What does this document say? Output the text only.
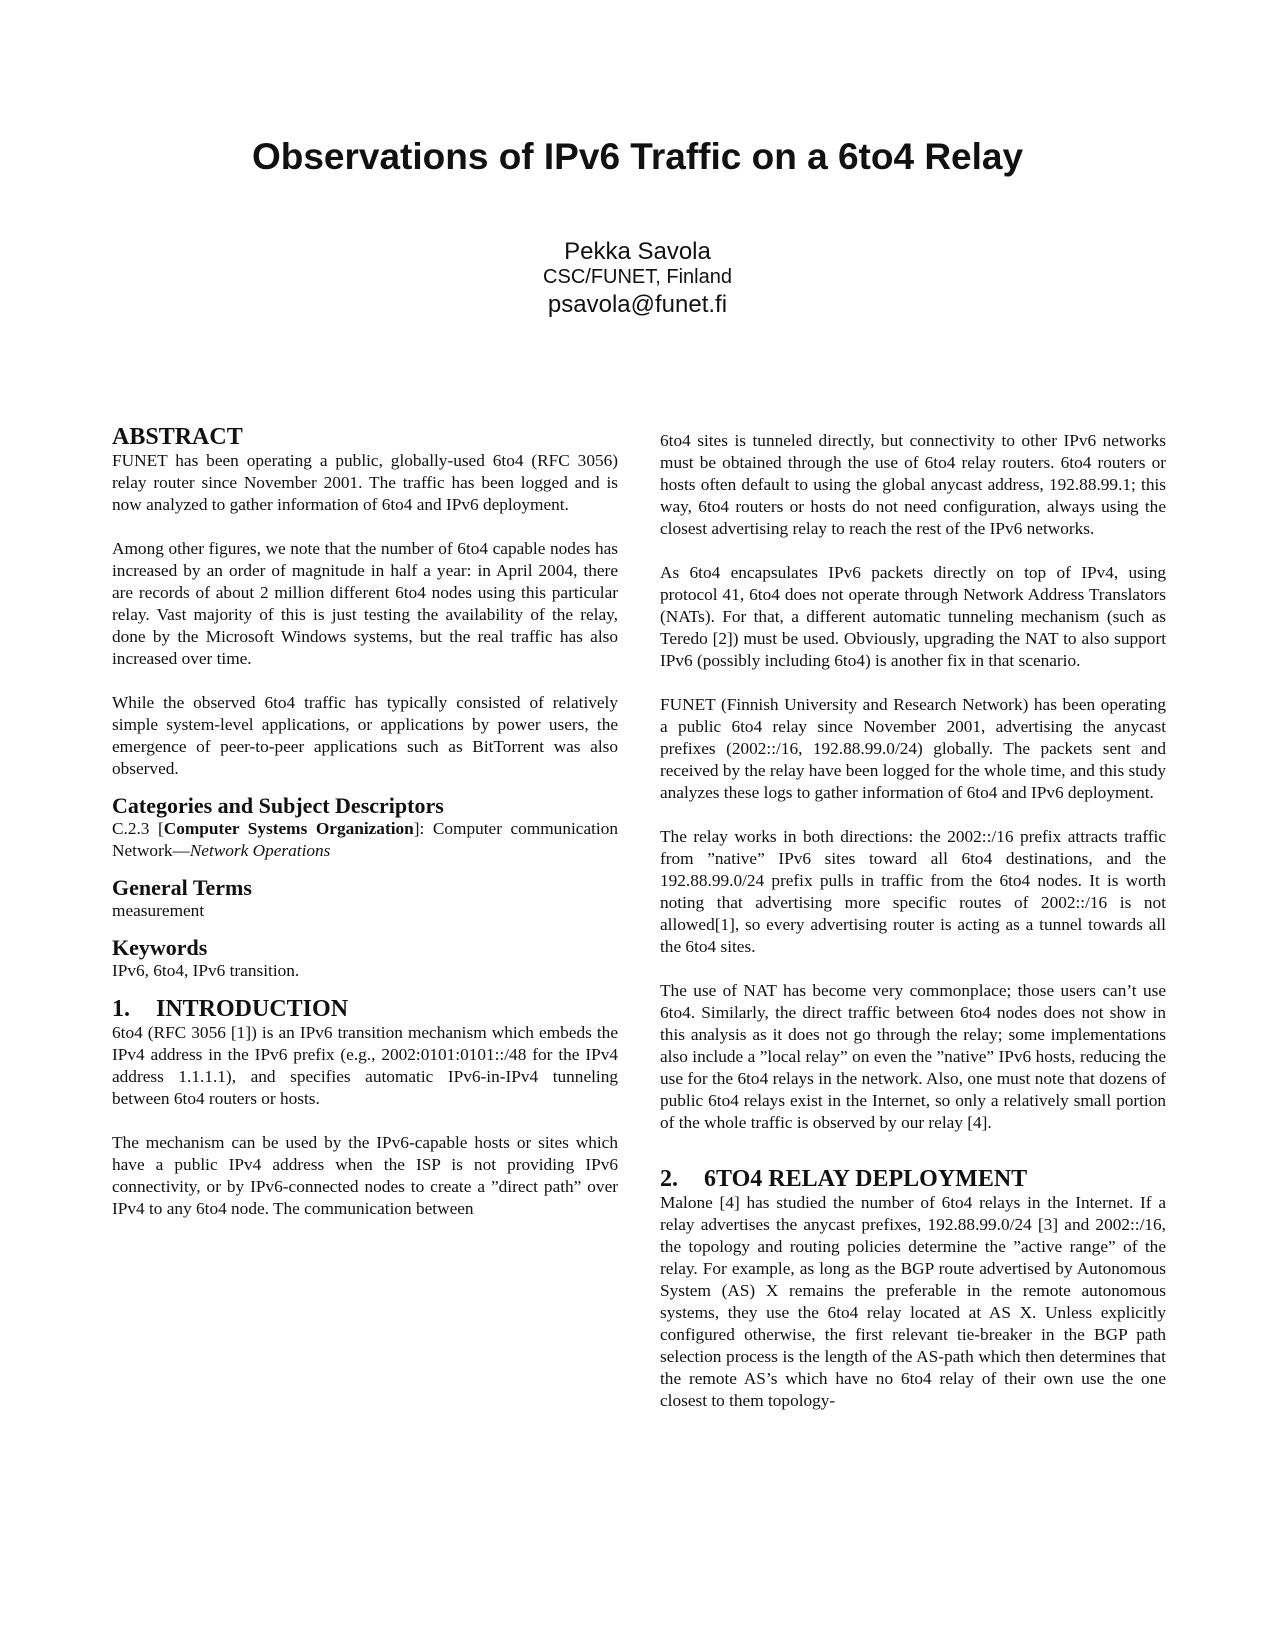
Observations of IPv6 Traffic on a 6to4 Relay
Pekka Savola
CSC/FUNET, Finland
psavola@funet.fi
ABSTRACT

FUNET has been operating a public, globally-used 6to4 (RFC 3056) relay router since November 2001. The traffic has been logged and is now analyzed to gather information of 6to4 and IPv6 deployment.

Among other figures, we note that the number of 6to4 capable nodes has increased by an order of magnitude in half a year: in April 2004, there are records of about 2 million different 6to4 nodes using this particular relay. Vast majority of this is just testing the availability of the relay, done by the Microsoft Windows systems, but the real traffic has also increased over time.

While the observed 6to4 traffic has typically consisted of relatively simple system-level applications, or applications by power users, the emergence of peer-to-peer applications such as BitTorrent was also observed.

Categories and Subject Descriptors

C.2.3 [Computer Systems Organization]: Computer communication Network—Network Operations

General Terms

measurement

Keywords

IPv6, 6to4, IPv6 transition.

1. INTRODUCTION

6to4 (RFC 3056 [1]) is an IPv6 transition mechanism which embeds the IPv4 address in the IPv6 prefix (e.g., 2002:0101:0101::/48 for the IPv4 address 1.1.1.1), and specifies automatic IPv6-in-IPv4 tunneling between 6to4 routers or hosts.

The mechanism can be used by the IPv6-capable hosts or sites which have a public IPv4 address when the ISP is not providing IPv6 connectivity, or by IPv6-connected nodes to create a ”direct path” over IPv4 to any 6to4 node. The communication between

6to4 sites is tunneled directly, but connectivity to other IPv6 networks must be obtained through the use of 6to4 relay routers. 6to4 routers or hosts often default to using the global anycast address, 192.88.99.1; this way, 6to4 routers or hosts do not need configuration, always using the closest advertising relay to reach the rest of the IPv6 networks.

As 6to4 encapsulates IPv6 packets directly on top of IPv4, using protocol 41, 6to4 does not operate through Network Address Translators (NATs). For that, a different automatic tunneling mechanism (such as Teredo [2]) must be used. Obviously, upgrading the NAT to also support IPv6 (possibly including 6to4) is another fix in that scenario.

FUNET (Finnish University and Research Network) has been operating a public 6to4 relay since November 2001, advertising the anycast prefixes (2002::/16, 192.88.99.0/24) globally. The packets sent and received by the relay have been logged for the whole time, and this study analyzes these logs to gather information of 6to4 and IPv6 deployment.

The relay works in both directions: the 2002::/16 prefix attracts traffic from ”native” IPv6 sites toward all 6to4 destinations, and the 192.88.99.0/24 prefix pulls in traffic from the 6to4 nodes. It is worth noting that advertising more specific routes of 2002::/16 is not allowed[1], so every advertising router is acting as a tunnel towards all the 6to4 sites.

The use of NAT has become very commonplace; those users can’t use 6to4. Similarly, the direct traffic between 6to4 nodes does not show in this analysis as it does not go through the relay; some implementations also include a ”local relay” on even the ”native” IPv6 hosts, reducing the use for the 6to4 relays in the network. Also, one must note that dozens of public 6to4 relays exist in the Internet, so only a relatively small portion of the whole traffic is observed by our relay [4].

2. 6TO4 RELAY DEPLOYMENT

Malone [4] has studied the number of 6to4 relays in the Internet. If a relay advertises the anycast prefixes, 192.88.99.0/24 [3] and 2002::/16, the topology and routing policies determine the ”active range” of the relay. For example, as long as the BGP route advertised by Autonomous System (AS) X remains the preferable in the remote autonomous systems, they use the 6to4 relay located at AS X. Unless explicitly configured otherwise, the first relevant tie-breaker in the BGP path selection process is the length of the AS-path which then determines that the remote AS’s which have no 6to4 relay of their own use the one closest to them topology-
